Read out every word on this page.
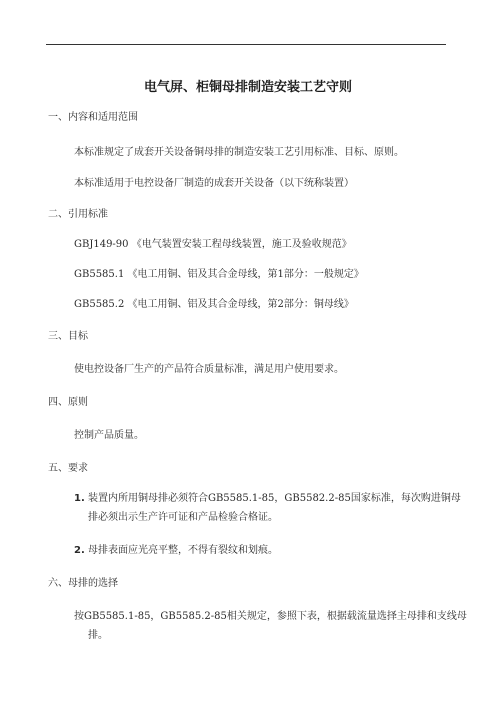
电气屏、柜铜母排制造安装工艺守则
一、内容和适用范围
本标准规定了成套开关设备铜母排的制造安装工艺引用标准、目标、原则。
本标准适用于电控设备厂制造的成套开关设备（以下统称装置）
二、引用标准
GBJ149-90 《电气装置安装工程母线装置，施工及验收规范》
GB5585.1 《电工用铜、铝及其合金母线，第1部分：一般规定》
GB5585.2 《电工用铜、铝及其合金母线，第2部分：铜母线》
三、目标
使电控设备厂生产的产品符合质量标准，满足用户使用要求。
四、原则
控制产品质量。
五、要求
1. 装置内所用铜母排必须符合GB5585.1-85，GB5582.2-85国家标准，每次购进铜母
排必须出示生产许可证和产品检验合格证。
2. 母排表面应光亮平整，不得有裂纹和划痕。
六、母排的选择
按GB5585.1-85，GB5585.2-85相关规定，参照下表，根据载流量选择主母排和支线母
排。
